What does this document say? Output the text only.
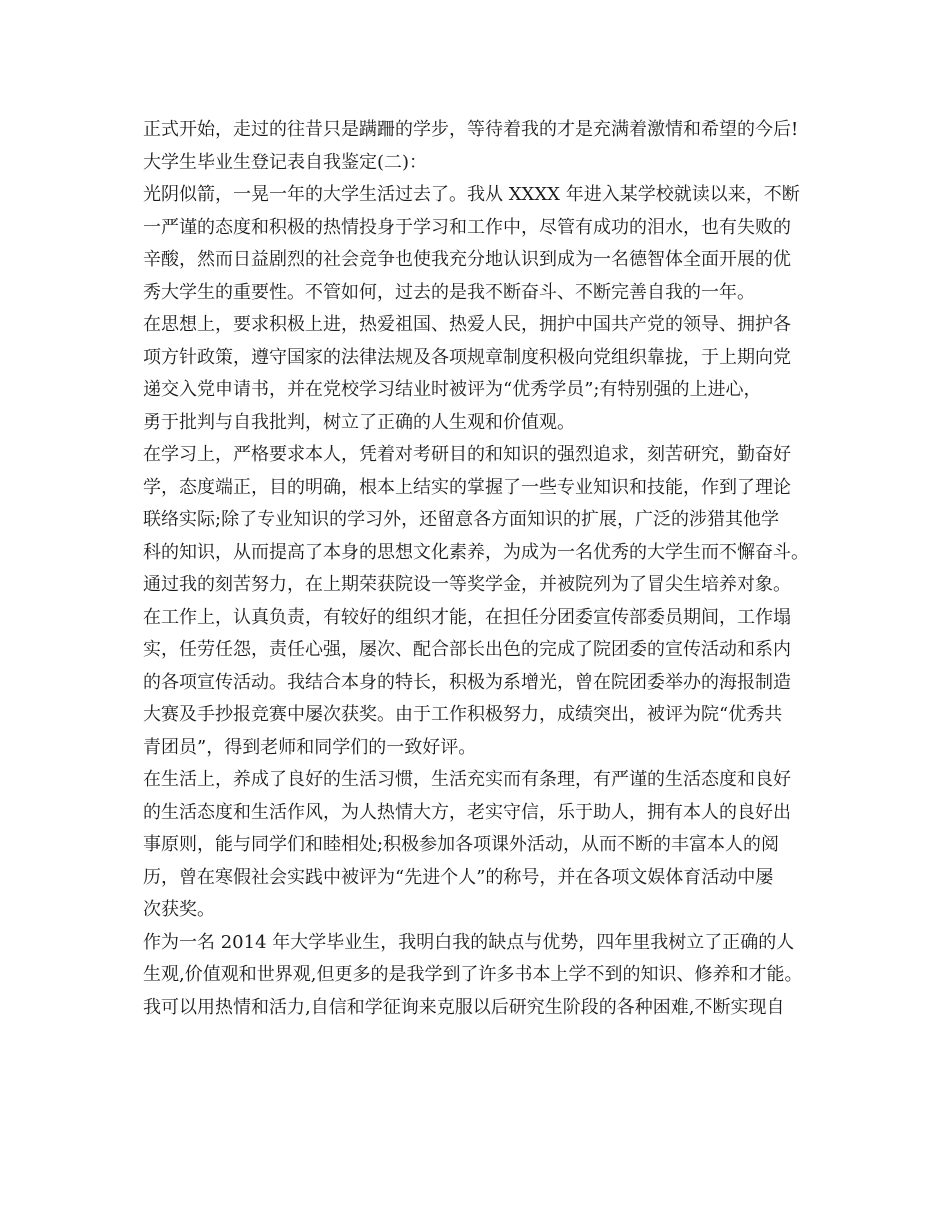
正式开始，走过的往昔只是蹒跚的学步，等待着我的才是充满着激情和希望的今后!
大学生毕业生登记表自我鉴定(二)：
光阴似箭，一晃一年的大学生活过去了。我从 XXXX 年进入某学校就读以来，不断
一严谨的态度和积极的热情投身于学习和工作中，尽管有成功的泪水，也有失败的
辛酸，然而日益剧烈的社会竞争也使我充分地认识到成为一名德智体全面开展的优
秀大学生的重要性。不管如何，过去的是我不断奋斗、不断完善自我的一年。
在思想上，要求积极上进，热爱祖国、热爱人民，拥护中国共产党的领导、拥护各
项方针政策，遵守国家的法律法规及各项规章制度积极向党组织靠拢，于上期向党
递交入党申请书，并在党校学习结业时被评为“优秀学员”;有特别强的上进心，
勇于批判与自我批判，树立了正确的人生观和价值观。
在学习上，严格要求本人，凭着对考研目的和知识的强烈追求，刻苦研究，勤奋好
学，态度端正，目的明确，根本上结实的掌握了一些专业知识和技能，作到了理论
联络实际;除了专业知识的学习外，还留意各方面知识的扩展，广泛的涉猎其他学
科的知识，从而提高了本身的思想文化素养，为成为一名优秀的大学生而不懈奋斗。
通过我的刻苦努力，在上期荣获院设一等奖学金，并被院列为了冒尖生培养对象。
在工作上，认真负责，有较好的组织才能，在担任分团委宣传部委员期间，工作塌
实，任劳任怨，责任心强，屡次、配合部长出色的完成了院团委的宣传活动和系内
的各项宣传活动。我结合本身的特长，积极为系增光，曾在院团委举办的海报制造
大赛及手抄报竞赛中屡次获奖。由于工作积极努力，成绩突出，被评为院“优秀共
青团员”，得到老师和同学们的一致好评。
在生活上，养成了良好的生活习惯，生活充实而有条理，有严谨的生活态度和良好
的生活态度和生活作风，为人热情大方，老实守信，乐于助人，拥有本人的良好出
事原则，能与同学们和睦相处;积极参加各项课外活动，从而不断的丰富本人的阅
历，曾在寒假社会实践中被评为“先进个人”的称号，并在各项文娱体育活动中屡
次获奖。
作为一名 2014 年大学毕业生，我明白我的缺点与优势，四年里我树立了正确的人
生观,价值观和世界观,但更多的是我学到了许多书本上学不到的知识、修养和才能。
我可以用热情和活力,自信和学征询来克服以后研究生阶段的各种困难,不断实现自
